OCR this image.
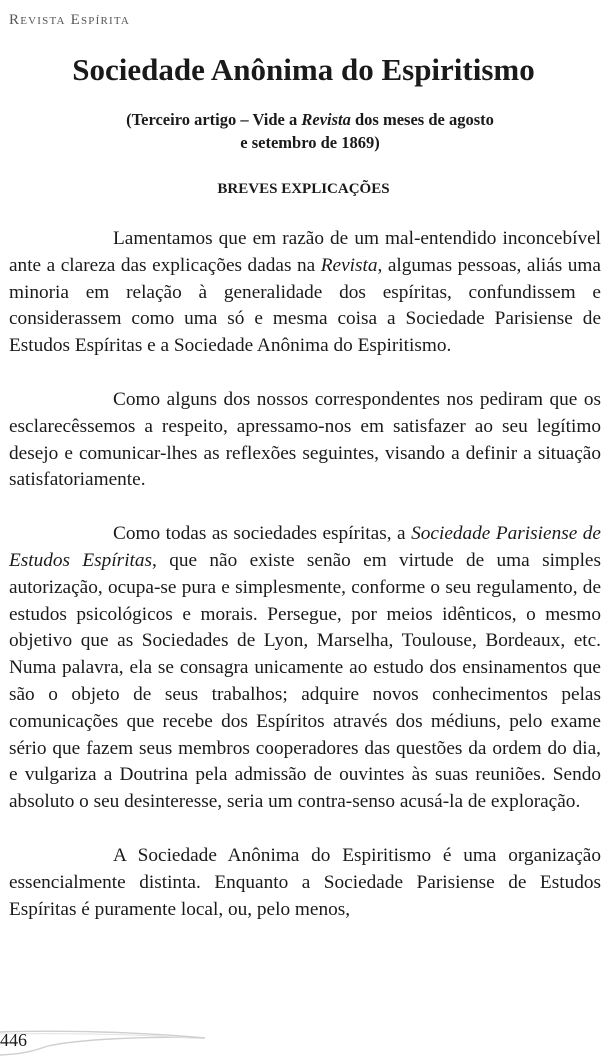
Revista Espírita
Sociedade Anônima do Espiritismo
(Terceiro artigo – Vide a Revista dos meses de agosto
e setembro de 1869)
BREVES EXPLICAÇÕES

Lamentamos que em razão de um mal-entendido inconcebível ante a clareza das explicações dadas na Revista, algumas pessoas, aliás uma minoria em relação à generalidade dos espíritas, confundissem e considerassem como uma só e mesma coisa a Sociedade Parisiense de Estudos Espíritas e a Sociedade Anônima do Espiritismo.

Como alguns dos nossos correspondentes nos pediram que os esclarecêssemos a respeito, apressamo-nos em satisfazer ao seu legítimo desejo e comunicar-lhes as reflexões seguintes, visando a definir a situação satisfatoriamente.

Como todas as sociedades espíritas, a Sociedade Parisiense de Estudos Espíritas, que não existe senão em virtude de uma simples autorização, ocupa-se pura e simplesmente, conforme o seu regulamento, de estudos psicológicos e morais. Persegue, por meios idênticos, o mesmo objetivo que as Sociedades de Lyon, Marselha, Toulouse, Bordeaux, etc. Numa palavra, ela se consagra unicamente ao estudo dos ensinamentos que são o objeto de seus trabalhos; adquire novos conhecimentos pelas comunicações que recebe dos Espíritos através dos médiuns, pelo exame sério que fazem seus membros cooperadores das questões da ordem do dia, e vulgariza a Doutrina pela admissão de ouvintes às suas reuniões. Sendo absoluto o seu desinteresse, seria um contra-senso acusá-la de exploração.

A Sociedade Anônima do Espiritismo é uma organização essencialmente distinta. Enquanto a Sociedade Parisiense de Estudos Espíritas é puramente local, ou, pelo menos,

446
